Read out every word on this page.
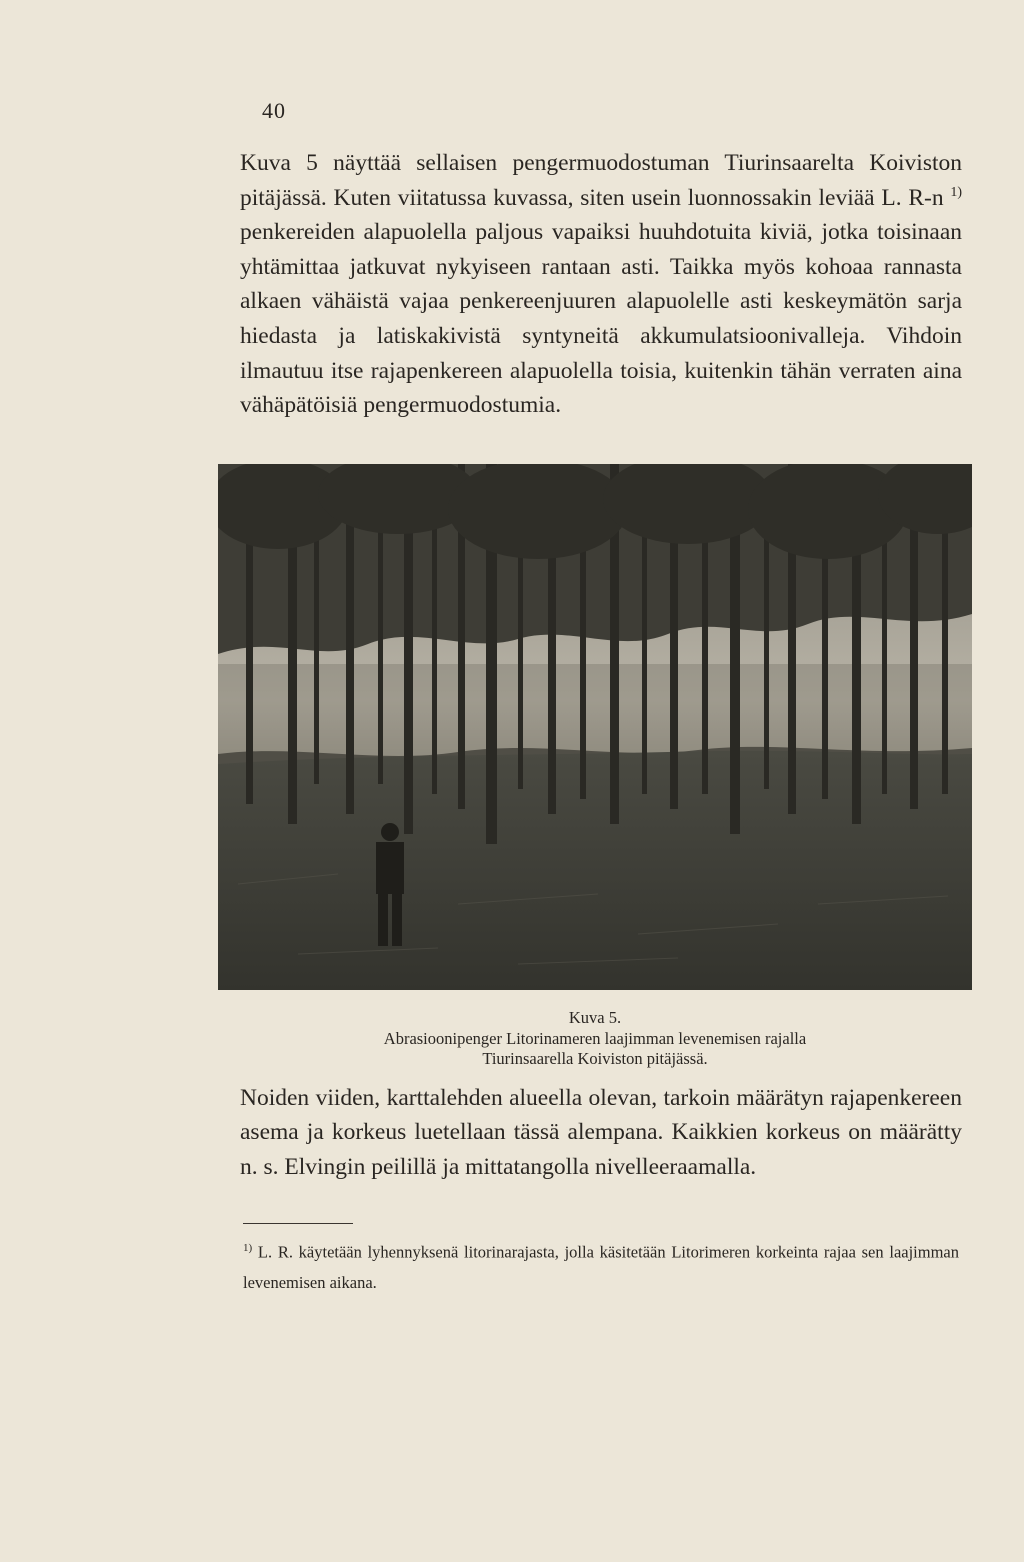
40

Kuva 5 näyttää sellaisen pengermuodostuman Tiurinsaarelta Koiviston pitäjässä. Kuten viitatussa kuvassa, siten usein luonnossakin leviää L. R-n $^{1)}$ penkereiden alapuolella paljous vapaiksi huuhdotuita kiviä, jotka toisinaan yhtämittaa jatkuvat nykyiseen rantaan asti. Taikka myös kohoaa rannasta alkaen vähäistä vajaa penkereenjuuren alapuolelle asti keskeymätön sarja hiedasta ja latiskakivistä syntyneitä akkumulatsioonivalleja. Vihdoin ilmautuu itse rajapenkereen alapuolella toisia, kuitenkin tähän verraten aina vähäpätöisiä pengermuodostumia.

Kuva 5.
Abrasioonipenger Litorinameren laajimman levenemisen rajalla
Tiurinsaarella Koiviston pitäjässä.

Noiden viiden, karttalehden alueella olevan, tarkoin määrätyn rajapenkereen asema ja korkeus luetellaan tässä alempana. Kaikkien korkeus on määrätty n. s. Elvingin peilillä ja mittatangolla nivelleeraamalla.

$^{1)}$ L. R. käytetään lyhennyksenä litorinarajasta, jolla käsitetään Litorimeren korkeinta rajaa sen laajimman levenemisen aikana.
